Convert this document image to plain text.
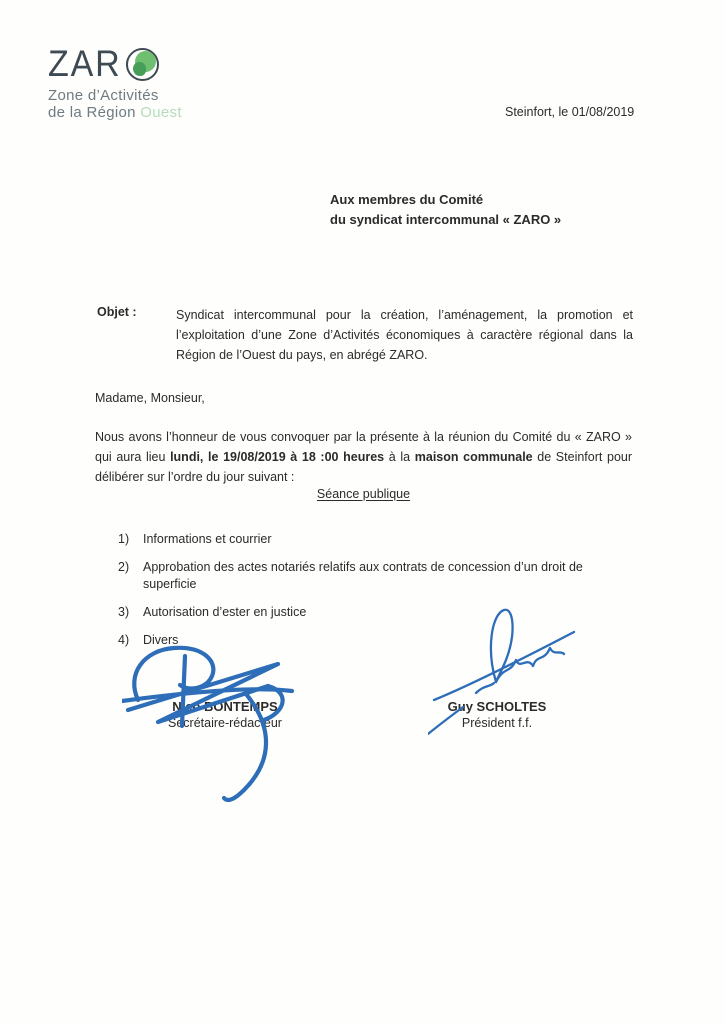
ZAR
Zone d’Activités
de la Région Ouest	Steinfort, le 01/08/2019
Aux membres du Comité
du syndicat intercommunal « ZARO »
Objet :	Syndicat intercommunal pour la création, l’aménagement, la promotion et l’exploitation d’une Zone d’Activités économiques à caractère régional dans la Région de l’Ouest du pays, en abrégé ZARO.
Madame, Monsieur,
Nous avons l’honneur de vous convoquer par la présente à la réunion du Comité du « ZARO » qui aura lieu lundi, le 19/08/2019 à 18 :00 heures à la maison communale de Steinfort pour délibérer sur l’ordre du jour suivant :
Séance publique
1)	Informations et courrier
2)	Approbation des actes notariés relatifs aux contrats de concession d’un droit de superficie
3)	Autorisation d’ester en justice
4)	Divers
Nico BONTEMPS
Secrétaire-rédacteur
Guy SCHOLTES
Président f.f.
